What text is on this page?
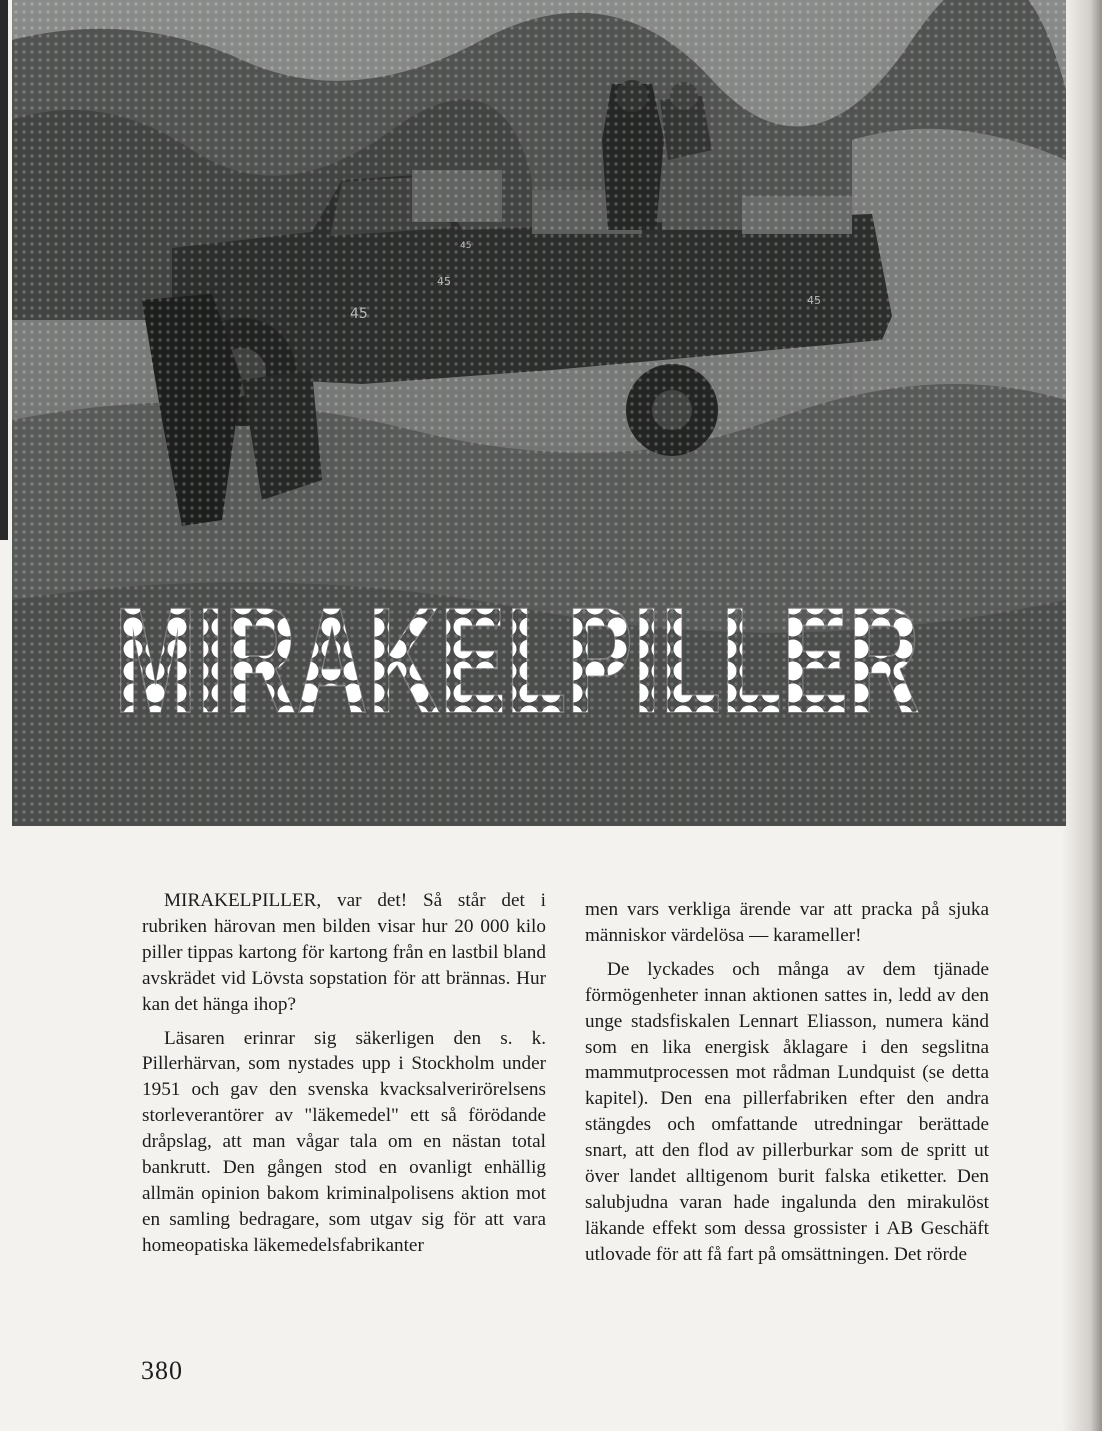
MIRAKELPILLER

MIRAKELPILLER, var det! Så står det i rubriken härovan men bilden visar hur 20 000 kilo piller tippas kartong för kartong från en lastbil bland avskrädet vid Lövsta sopstation för att brännas. Hur kan det hänga ihop?

Läsaren erinrar sig säkerligen den s. k. Pillerhärvan, som nystades upp i Stockholm under 1951 och gav den svenska kvacksalverirörelsens storleverantörer av "läkemedel" ett så förödande dråpslag, att man vågar tala om en nästan total bankrutt. Den gången stod en ovanligt enhällig allmän opinion bakom kriminalpolisens aktion mot en samling bedragare, som utgav sig för att vara homeopatiska läkemedelsfabrikanter

men vars verkliga ärende var att pracka på sjuka människor värdelösa — karameller!

De lyckades och många av dem tjänade förmögenheter innan aktionen sattes in, ledd av den unge stadsfiskalen Lennart Eliasson, numera känd som en lika energisk åklagare i den segslitna mammutprocessen mot rådman Lundquist (se detta kapitel). Den ena pillerfabriken efter den andra stängdes och omfattande utredningar berättade snart, att den flod av pillerburkar som de spritt ut över landet alltigenom burit falska etiketter. Den salubjudna varan hade ingalunda den mirakulöst läkande effekt som dessa grossister i AB Geschäft utlovade för att få fart på omsättningen. Det rörde

380
